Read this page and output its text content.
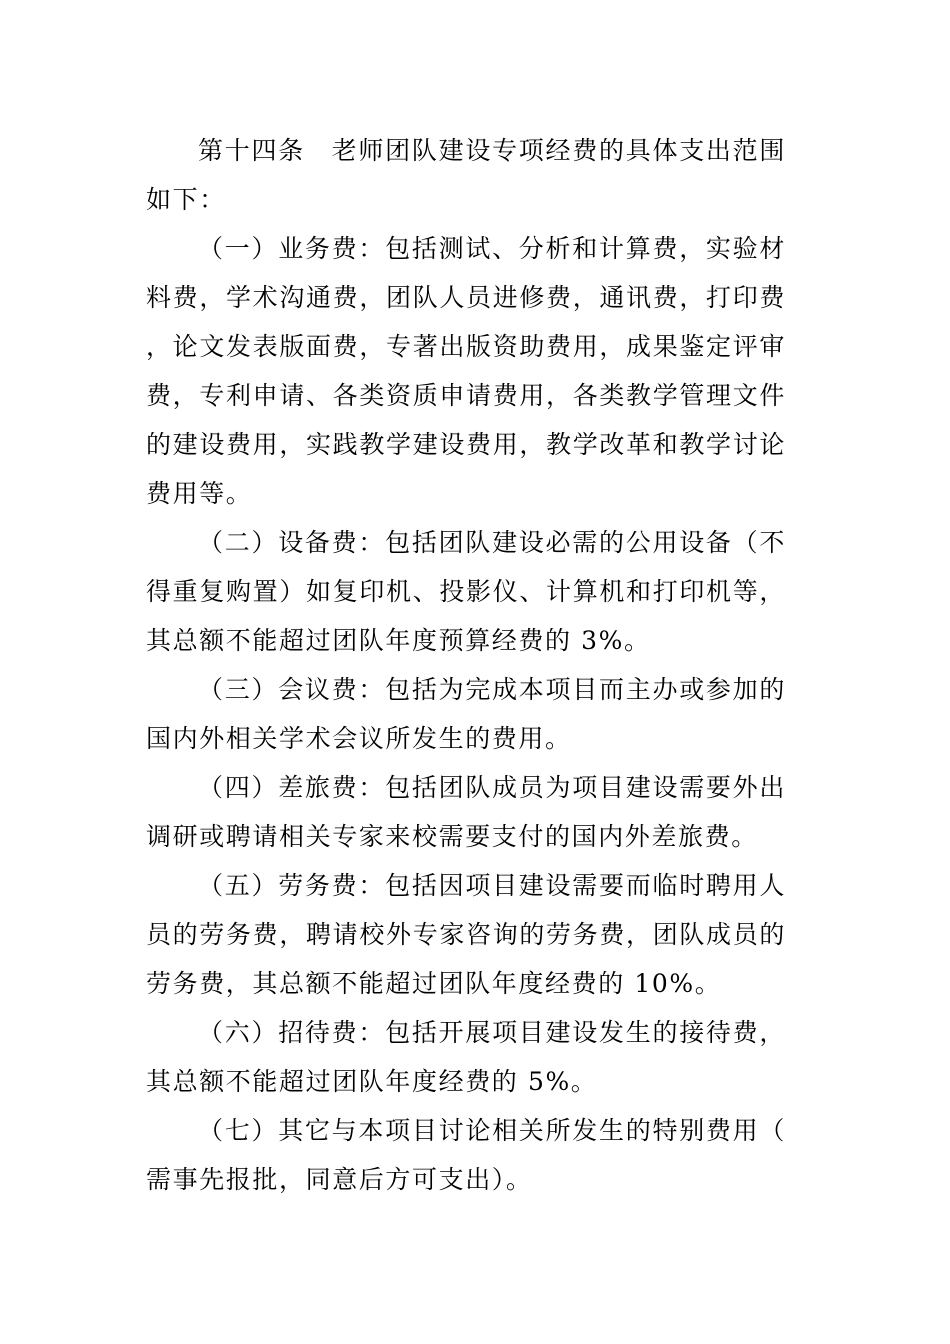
第十四条　老师团队建设专项经费的具体支出范围如下：

（一）业务费：包括测试、分析和计算费，实验材料费，学术沟通费，团队人员进修费，通讯费，打印费，论文发表版面费，专著出版资助费用，成果鉴定评审费，专利申请、各类资质申请费用，各类教学管理文件的建设费用，实践教学建设费用，教学改革和教学讨论费用等。

（二）设备费：包括团队建设必需的公用设备（不得重复购置）如复印机、投影仪、计算机和打印机等，其总额不能超过团队年度预算经费的 3%。

（三）会议费：包括为完成本项目而主办或参加的国内外相关学术会议所发生的费用。

（四）差旅费：包括团队成员为项目建设需要外出调研或聘请相关专家来校需要支付的国内外差旅费。

（五）劳务费：包括因项目建设需要而临时聘用人员的劳务费，聘请校外专家咨询的劳务费，团队成员的劳务费，其总额不能超过团队年度经费的 10%。

（六）招待费：包括开展项目建设发生的接待费，其总额不能超过团队年度经费的 5%。

（七）其它与本项目讨论相关所发生的特别费用（需事先报批，同意后方可支出）。
